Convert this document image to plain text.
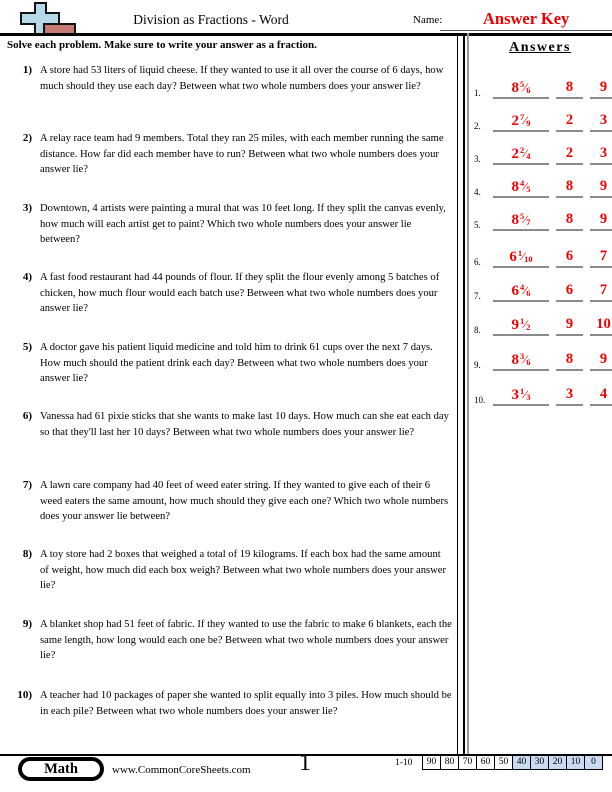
Division as Fractions - Word	Name: Answer Key
Solve each problem. Make sure to write your answer as a fraction.
1) A store had 53 liters of liquid cheese. If they wanted to use it all over the course of 6 days, how much should they use each day? Between what two whole numbers does your answer lie?
2) A relay race team had 9 members. Total they ran 25 miles, with each member running the same distance. How far did each member have to run? Between what two whole numbers does your answer lie?
3) Downtown, 4 artists were painting a mural that was 10 feet long. If they split the canvas evenly, how much will each artist get to paint? Which two whole numbers does your answer lie between?
4) A fast food restaurant had 44 pounds of flour. If they split the flour evenly among 5 batches of chicken, how much flour would each batch use? Between what two whole numbers does your answer lie?
5) A doctor gave his patient liquid medicine and told him to drink 61 cups over the next 7 days. How much should the patient drink each day? Between what two whole numbers does your answer lie?
6) Vanessa had 61 pixie sticks that she wants to make last 10 days. How much can she eat each day so that they'll last her 10 days? Between what two whole numbers does your answer lie?
7) A lawn care company had 40 feet of weed eater string. If they wanted to give each of their 6 weed eaters the same amount, how much should they give each one? Which two whole numbers does your answer lie between?
8) A toy store had 2 boxes that weighed a total of 19 kilograms. If each box had the same amount of weight, how much did each box weigh? Between what two whole numbers does your answer lie?
9) A blanket shop had 51 feet of fabric. If they wanted to use the fabric to make 6 blankets, each the same length, how long would each one be? Between what two whole numbers does your answer lie?
10) A teacher had 10 packages of paper she wanted to split equally into 3 piles. How much should be in each pile? Between what two whole numbers does your answer lie?
Answers
1.	8$^5$⁄6	8	9
2.	2$^7$⁄9	2	3
3.	2$^2$⁄4	2	3
4.	8$^4$⁄5	8	9
5.	8$^5$⁄7	8	9
6.	6$^1$⁄10	6	7
7.	6$^4$⁄6	6	7
8.	9$^1$⁄2	9	10
9.	8$^3$⁄6	8	9
10.	3$^1$⁄3	3	4
Math	www.CommonCoreSheets.com	1	1-10	90 80 70 60 50 40 30 20 10	0
